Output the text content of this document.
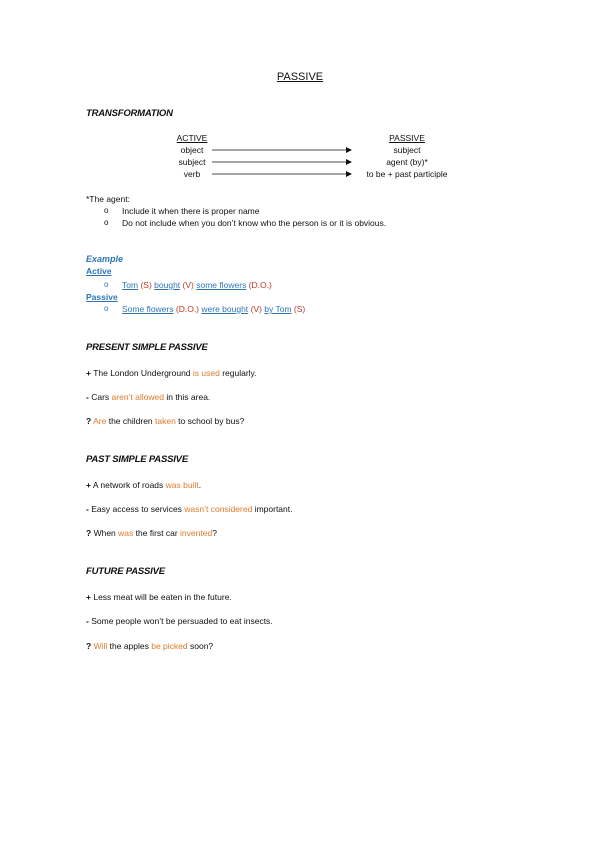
PASSIVE
TRANSFORMATION
ACTIVE	PASSIVE
object
subject
verb
subject
agent (by)*
to be + past participle
*The agent:
o Include it when there is proper name
o Do not include when you don’t know who the person is or it is obvious.
Example
Active
o Tom (S) bought (V) some flowers (D.O.)
Passive
o Some flowers (D.O.) were bought (V) by Tom (S)
PRESENT SIMPLE PASSIVE
+ The London Underground is used regularly.
- Cars aren’t allowed in this area.
? Are the children taken to school by bus?
PAST SIMPLE PASSIVE
+ A network of roads was built.
- Easy access to services wasn’t considered important.
? When was the first car invented?
FUTURE PASSIVE
+ Less meat will be eaten in the future.
- Some people won’t be persuaded to eat insects.
? Will the apples be picked soon?
